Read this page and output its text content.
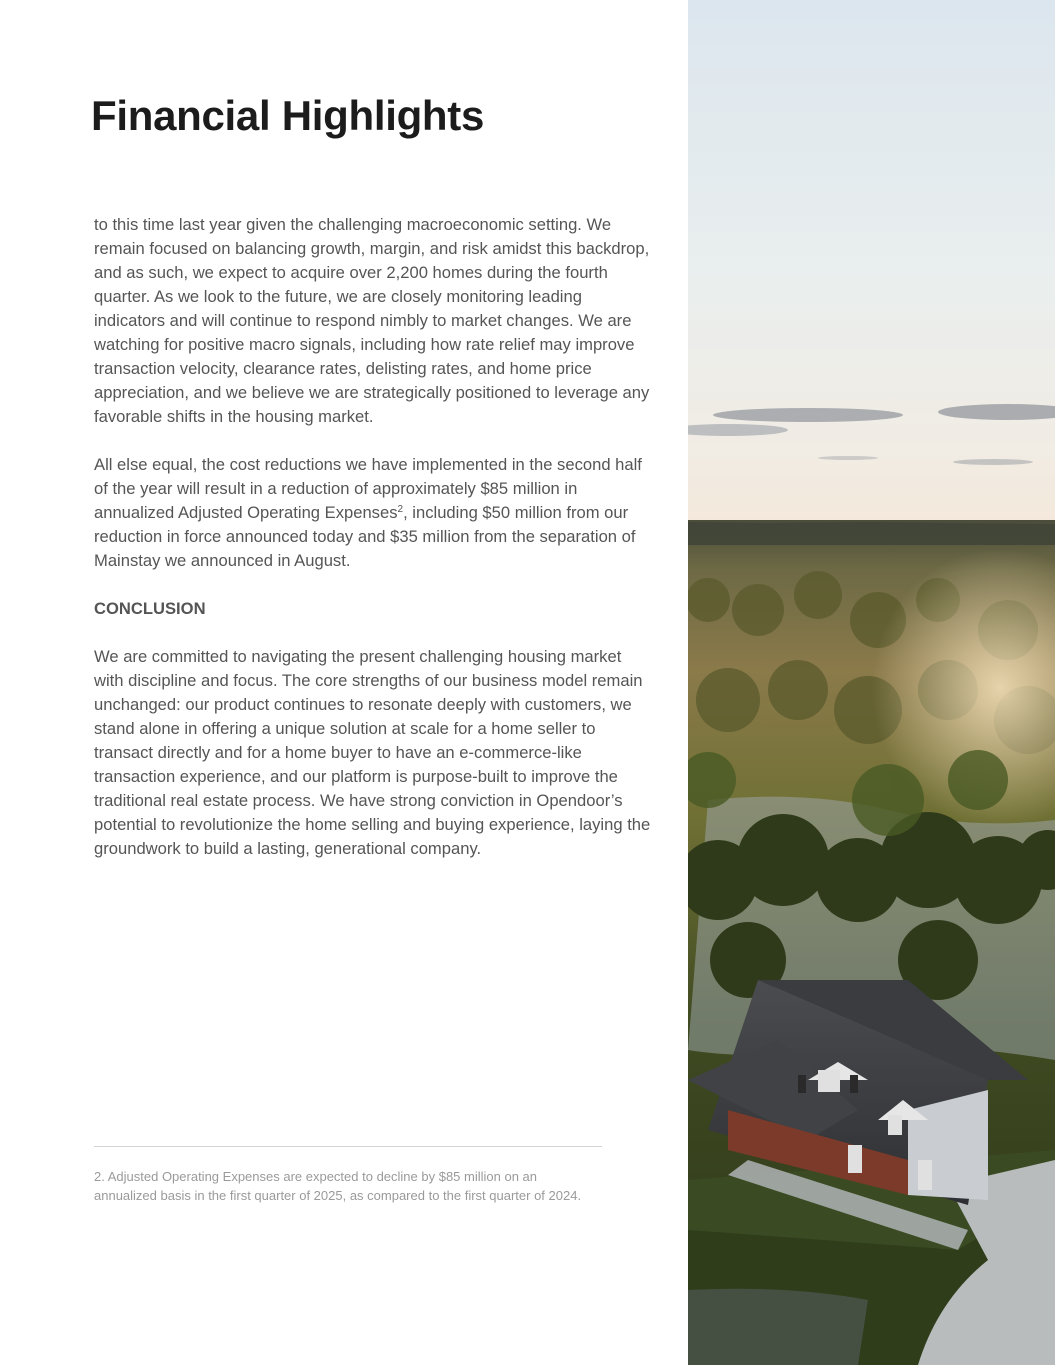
Financial Highlights

to this time last year given the challenging macroeconomic setting. We remain focused on balancing growth, margin, and risk amidst this backdrop, and as such, we expect to acquire over 2,200 homes during the fourth quarter. As we look to the future, we are closely monitoring leading indicators and will continue to respond nimbly to market changes. We are watching for positive macro signals, including how rate relief may improve transaction velocity, clearance rates, delisting rates, and home price appreciation, and we believe we are strategically positioned to leverage any favorable shifts in the housing market.

All else equal, the cost reductions we have implemented in the second half of the year will result in a reduction of approximately $85 million in annualized Adjusted Operating Expenses$^2$, including $50 million from our reduction in force announced today and $35 million from the separation of Mainstay we announced in August.

CONCLUSION

We are committed to navigating the present challenging housing market with discipline and focus. The core strengths of our business model remain unchanged: our product continues to resonate deeply with customers, we stand alone in offering a unique solution at scale for a home seller to transact directly and for a home buyer to have an e-commerce-like transaction experience, and our platform is purpose-built to improve the traditional real estate process. We have strong conviction in Opendoor’s potential to revolutionize the home selling and buying experience, laying the groundwork to build a lasting, generational company.

2. Adjusted Operating Expenses are expected to decline by $85 million on an annualized basis in the first quarter of 2025, as compared to the first quarter of 2024.
